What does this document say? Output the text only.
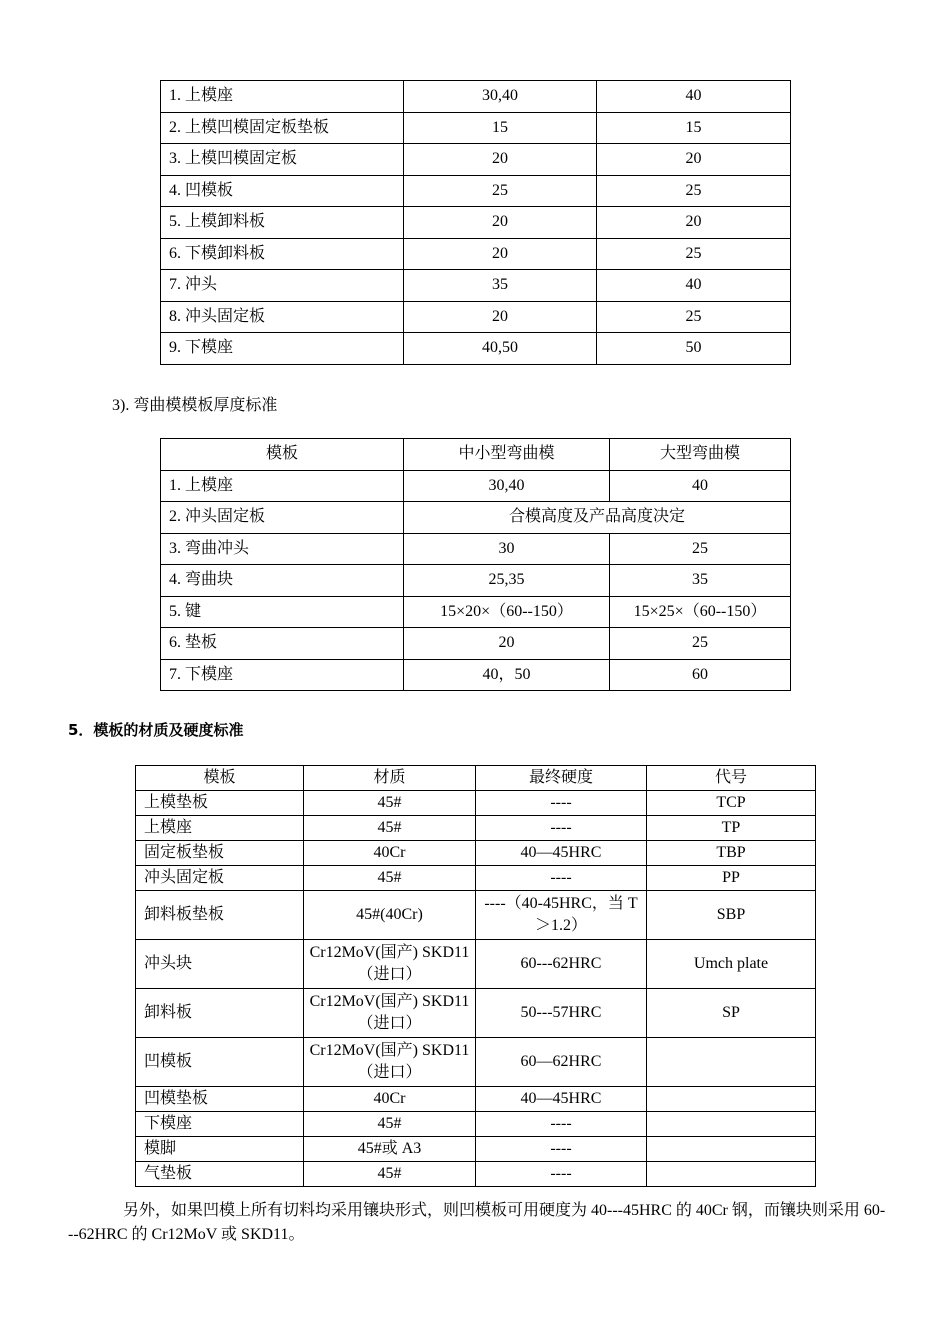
1. 上模座	30,40	40
2. 上模凹模固定板垫板	15	15
3. 上模凹模固定板	20	20
4. 凹模板	25	25
5. 上模卸料板	20	20
6. 下模卸料板	20	25
7. 冲头	35	40
8. 冲头固定板	20	25
9. 下模座	40,50	50
3). 弯曲模模板厚度标准
模板	中小型弯曲模	大型弯曲模
1. 上模座	30,40	40
2. 冲头固定板	合模高度及产品高度决定	
3. 弯曲冲头	30	25
4. 弯曲块	25,35	35
5. 键	15×20×（60--150）	15×25×（60--150）
6. 垫板	20	25
7. 下模座	40，50	60
5．模板的材质及硬度标准
模板	材质	最终硬度	代号
上模垫板	45#	----	TCP
上模座	45#	----	TP
固定板垫板	40Cr	40—45HRC	TBP
冲头固定板	45#	----	PP
卸料板垫板	45#(40Cr)	----（40-45HRC，当 T ＞1.2）	SBP
冲头块	Cr12MoV(国产) SKD11（进口）	60---62HRC	Umch plate
卸料板	Cr12MoV(国产) SKD11（进口）	50---57HRC	SP
凹模板	Cr12MoV(国产) SKD11（进口）	60—62HRC	
凹模垫板	40Cr	40—45HRC	
下模座	45#	----	
模脚	45#或 A3	----	
气垫板	45#	----	
另外，如果凹模上所有切料均采用镶块形式，则凹模板可用硬度为 40---45HRC 的 40Cr 钢，而镶块则采用 60---62HRC 的 Cr12MoV 或 SKD11。
